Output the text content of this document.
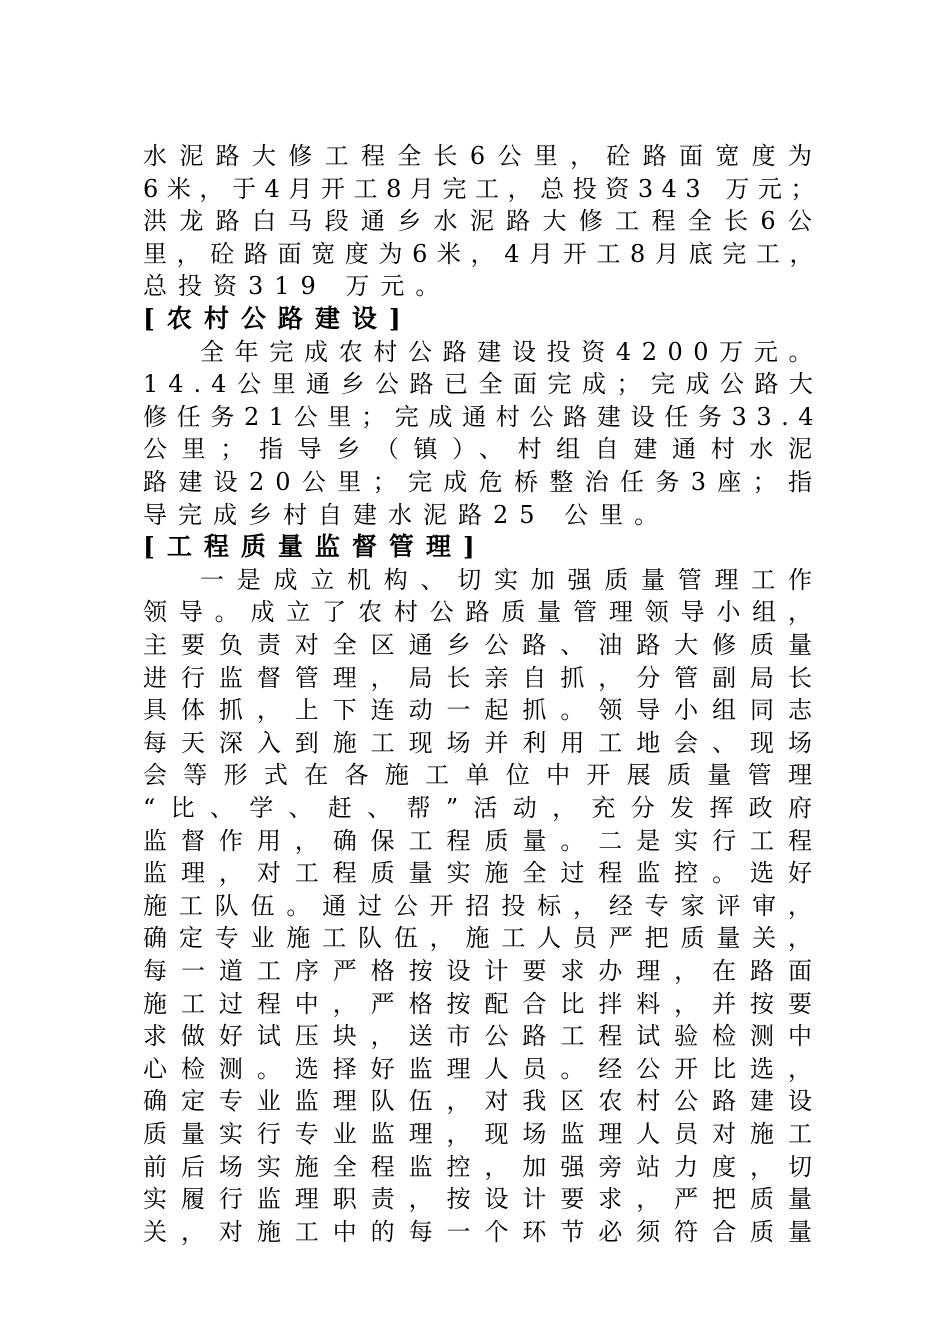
水泥路大修工程全长6公里，砼路面宽度为
6米，于4月开工8月完工，总投资343 万元；
洪龙路白马段通乡水泥路大修工程全长6公
里，砼路面宽度为6米，4月开工8月底完工，
总投资319 万元。
[农村公路建设]
全年完成农村公路建设投资4200万元。
14.4公里通乡公路已全面完成；完成公路大
修任务21公里；完成通村公路建设任务33.4
公里；指导乡（镇）、村组自建通村水泥
路建设20公里；完成危桥整治任务3座；指
导完成乡村自建水泥路25 公里。
[工程质量监督管理]
一是成立机构、切实加强质量管理工作
领导。成立了农村公路质量管理领导小组，
主要负责对全区通乡公路、油路大修质量
进行监督管理，局长亲自抓，分管副局长
具体抓，上下连动一起抓。领导小组同志
每天深入到施工现场并利用工地会、现场
会等形式在各施工单位中开展质量管理
“比、学、赶、帮”活动，充分发挥政府
监督作用，确保工程质量。二是实行工程
监理，对工程质量实施全过程监控。选好
施工队伍。通过公开招投标，经专家评审，
确定专业施工队伍，施工人员严把质量关，
每一道工序严格按设计要求办理，在路面
施工过程中，严格按配合比拌料，并按要
求做好试压块，送市公路工程试验检测中
心检测。选择好监理人员。经公开比选，
确定专业监理队伍，对我区农村公路建设
质量实行专业监理，现场监理人员对施工
前后场实施全程监控，加强旁站力度，切
实履行监理职责，按设计要求，严把质量
关，对施工中的每一个环节必须符合质量
